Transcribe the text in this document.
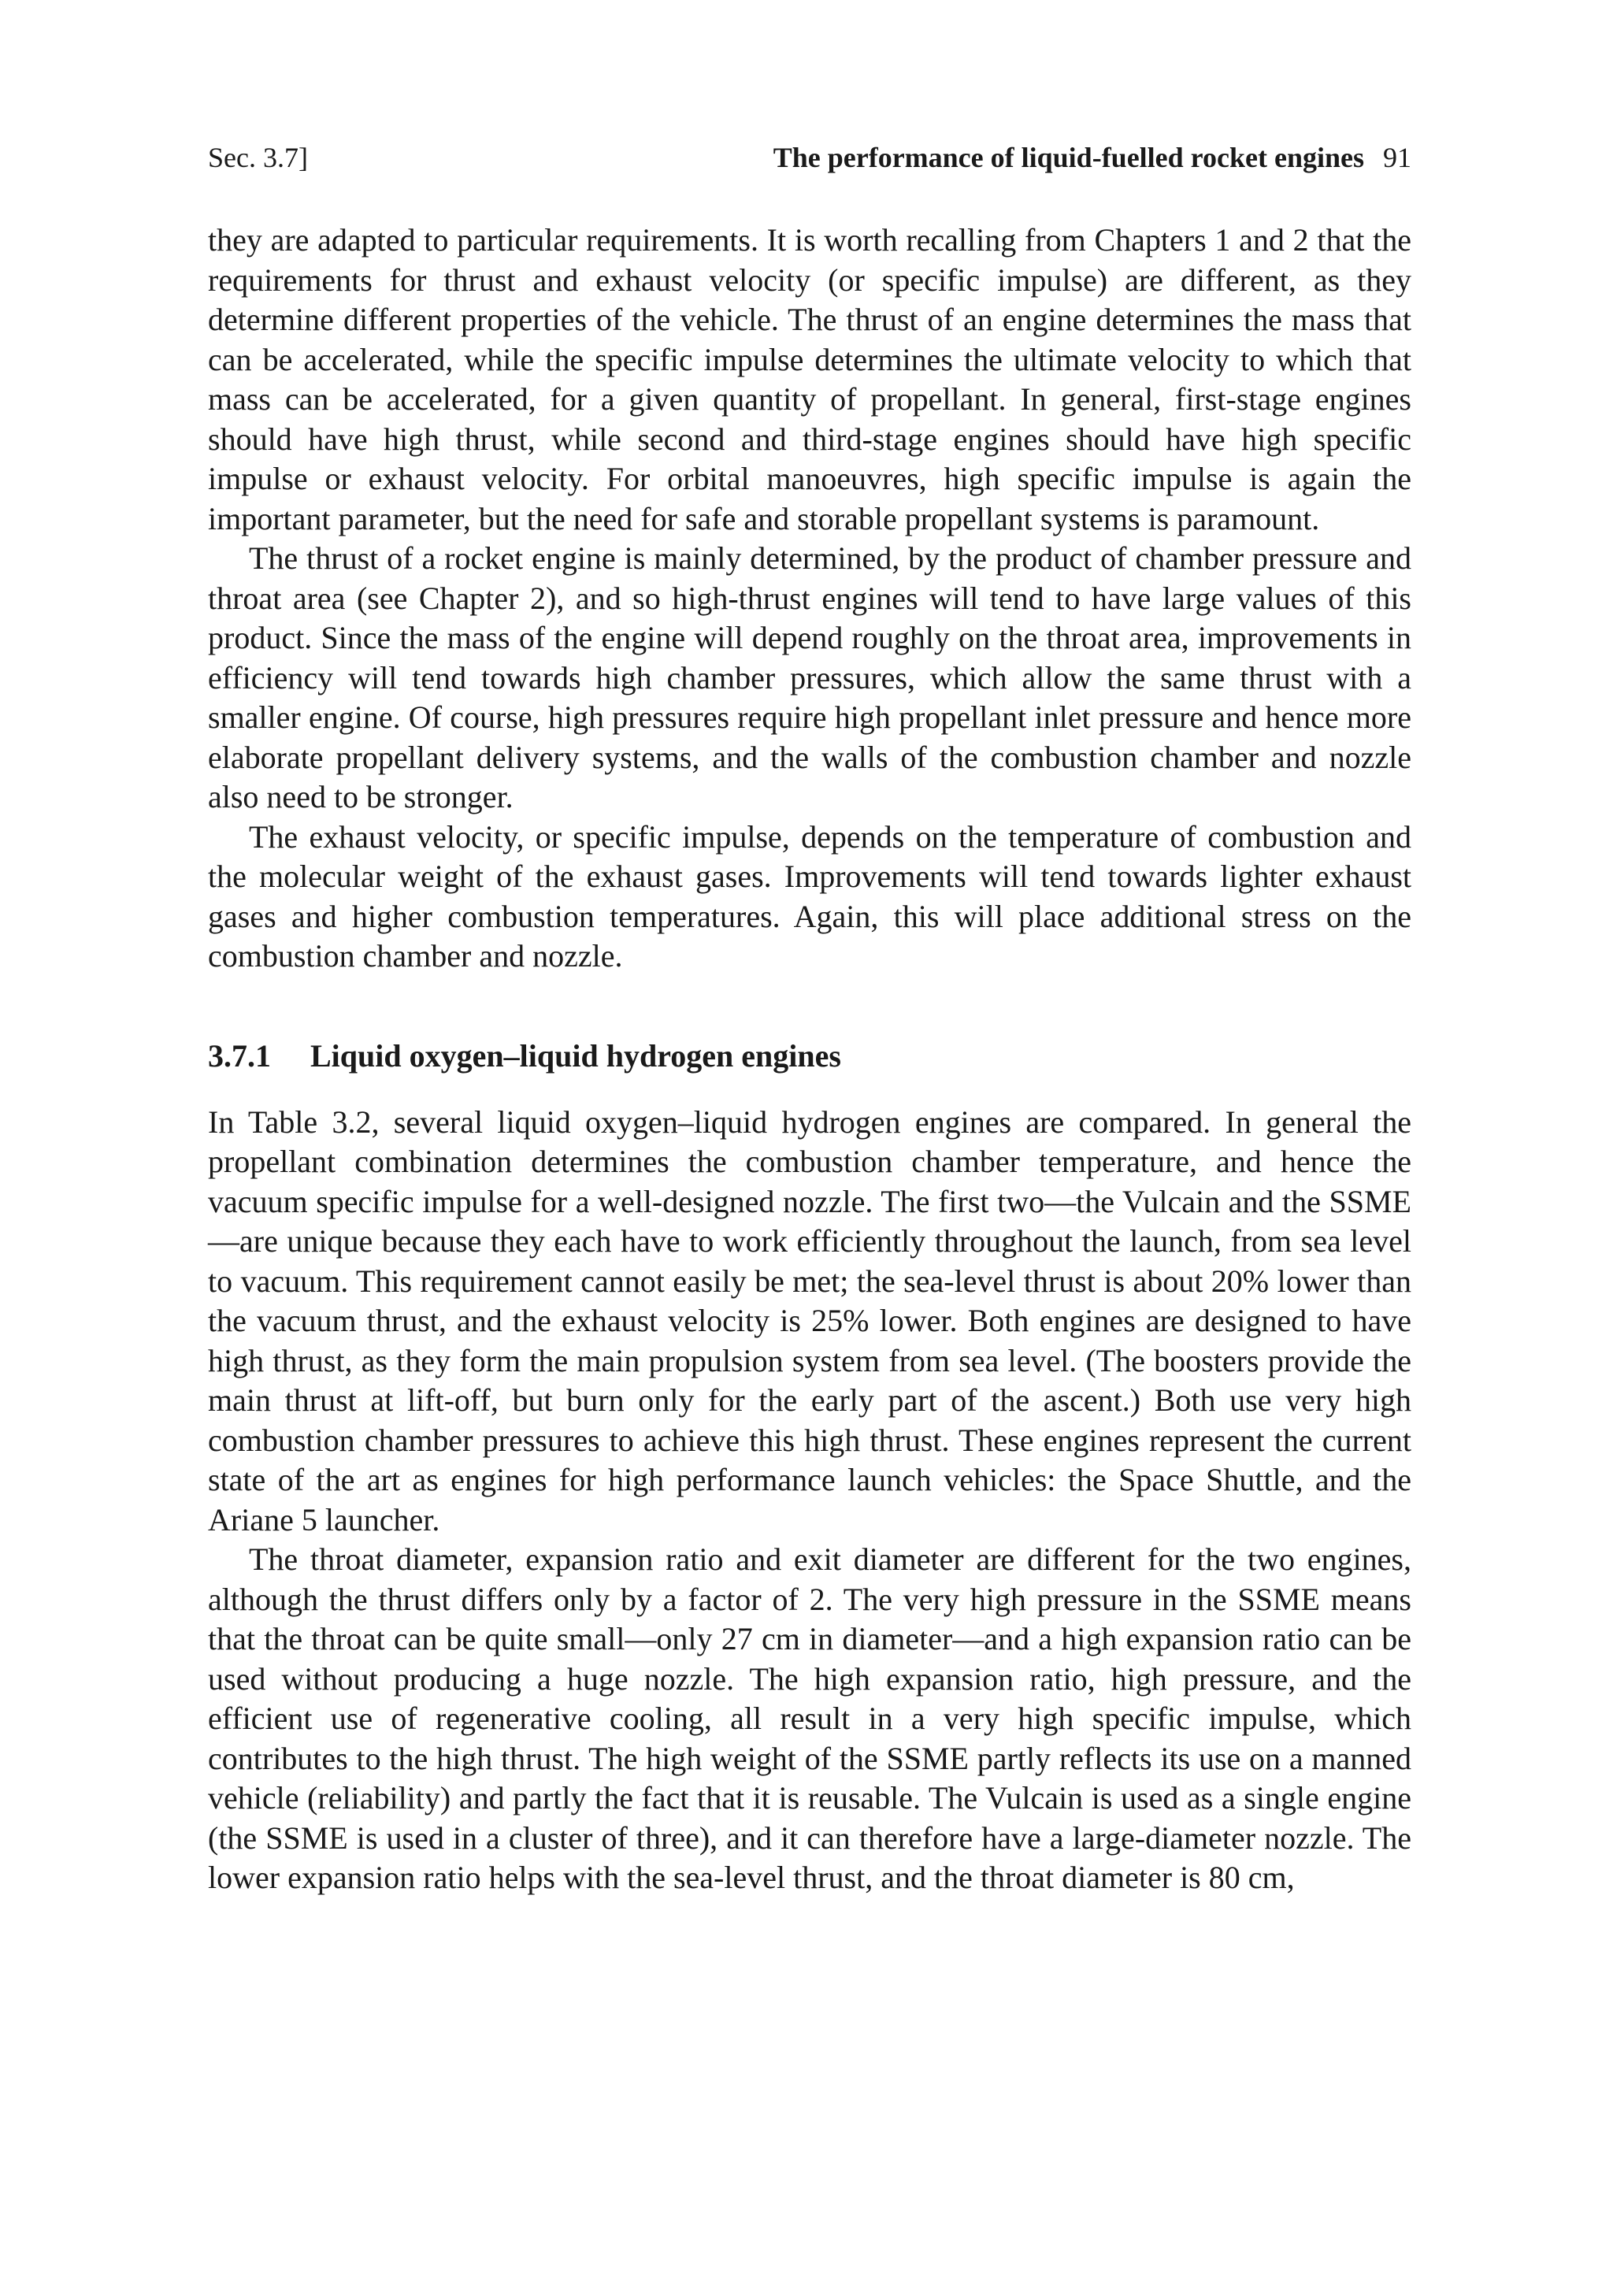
Sec. 3.7]	The performance of liquid-fuelled rocket engines 91

they are adapted to particular requirements. It is worth recalling from Chapters 1 and 2 that the requirements for thrust and exhaust velocity (or specific impulse) are different, as they determine different properties of the vehicle. The thrust of an engine determines the mass that can be accelerated, while the specific impulse determines the ultimate velocity to which that mass can be accelerated, for a given quantity of propellant. In general, first-stage engines should have high thrust, while second and third-stage engines should have high specific impulse or exhaust velocity. For orbital manoeuvres, high specific impulse is again the important parameter, but the need for safe and storable propellant systems is paramount.

The thrust of a rocket engine is mainly determined, by the product of chamber pressure and throat area (see Chapter 2), and so high-thrust engines will tend to have large values of this product. Since the mass of the engine will depend roughly on the throat area, improvements in efficiency will tend towards high chamber pressures, which allow the same thrust with a smaller engine. Of course, high pressures require high propellant inlet pressure and hence more elaborate propellant delivery systems, and the walls of the combustion chamber and nozzle also need to be stronger.

The exhaust velocity, or specific impulse, depends on the temperature of combustion and the molecular weight of the exhaust gases. Improvements will tend towards lighter exhaust gases and higher combustion temperatures. Again, this will place additional stress on the combustion chamber and nozzle.

3.7.1	Liquid oxygen–liquid hydrogen engines

In Table 3.2, several liquid oxygen–liquid hydrogen engines are compared. In general the propellant combination determines the combustion chamber temperature, and hence the vacuum specific impulse for a well-designed nozzle. The first two—the Vulcain and the SSME—are unique because they each have to work efficiently throughout the launch, from sea level to vacuum. This requirement cannot easily be met; the sea-level thrust is about 20% lower than the vacuum thrust, and the exhaust velocity is 25% lower. Both engines are designed to have high thrust, as they form the main propulsion system from sea level. (The boosters provide the main thrust at lift-off, but burn only for the early part of the ascent.) Both use very high combustion chamber pressures to achieve this high thrust. These engines represent the current state of the art as engines for high performance launch vehicles: the Space Shuttle, and the Ariane 5 launcher.

The throat diameter, expansion ratio and exit diameter are different for the two engines, although the thrust differs only by a factor of 2. The very high pressure in the SSME means that the throat can be quite small—only 27 cm in diameter—and a high expansion ratio can be used without producing a huge nozzle. The high expansion ratio, high pressure, and the efficient use of regenerative cooling, all result in a very high specific impulse, which contributes to the high thrust. The high weight of the SSME partly reflects its use on a manned vehicle (reliability) and partly the fact that it is reusable. The Vulcain is used as a single engine (the SSME is used in a cluster of three), and it can therefore have a large-diameter nozzle. The lower expansion ratio helps with the sea-level thrust, and the throat diameter is 80 cm,
